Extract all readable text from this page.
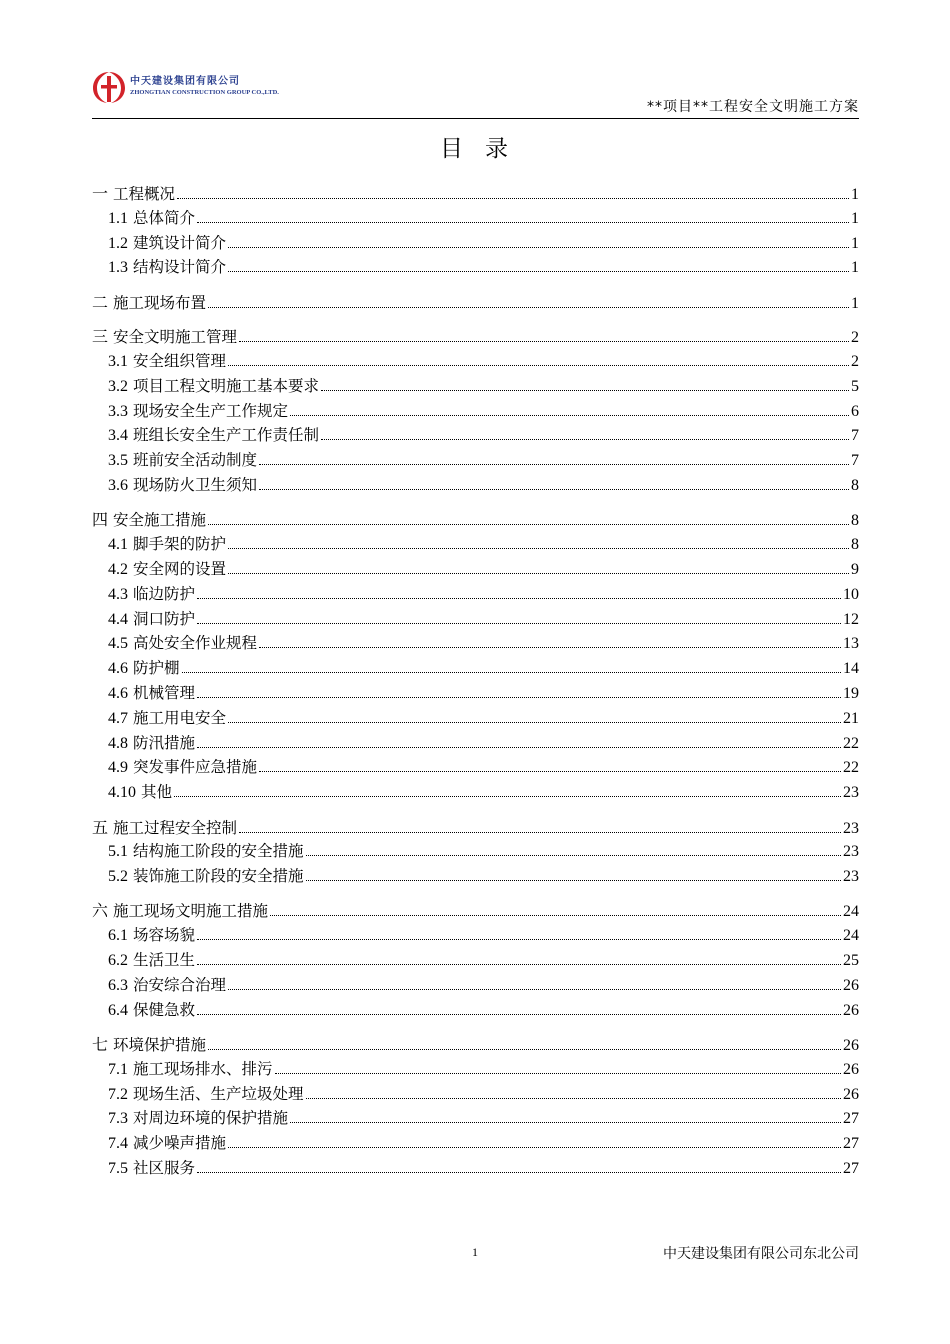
中天建设集团有限公司
ZHONGTIAN CONSTRUCTION GROUP CO.,LTD.
**项目**工程安全文明施工方案
目录
一 工程概况	1
1.1 总体简介	1
1.2 建筑设计简介	1
1.3 结构设计简介	1
二 施工现场布置	1
三 安全文明施工管理	2
3.1 安全组织管理	2
3.2 项目工程文明施工基本要求	5
3.3 现场安全生产工作规定	6
3.4 班组长安全生产工作责任制	7
3.5 班前安全活动制度	7
3.6 现场防火卫生须知	8
四 安全施工措施	8
4.1 脚手架的防护	8
4.2 安全网的设置	9
4.3 临边防护	10
4.4 洞口防护	12
4.5 高处安全作业规程	13
4.6 防护棚	14
4.6 机械管理	19
4.7 施工用电安全	21
4.8 防汛措施	22
4.9 突发事件应急措施	22
4.10 其他	23
五 施工过程安全控制	23
5.1 结构施工阶段的安全措施	23
5.2 装饰施工阶段的安全措施	23
六 施工现场文明施工措施	24
6.1 场容场貌	24
6.2 生活卫生	25
6.3 治安综合治理	26
6.4 保健急救	26
七 环境保护措施	26
7.1 施工现场排水、排污	26
7.2 现场生活、生产垃圾处理	26
7.3 对周边环境的保护措施	27
7.4 减少噪声措施	27
7.5 社区服务	27
1	中天建设集团有限公司东北公司
